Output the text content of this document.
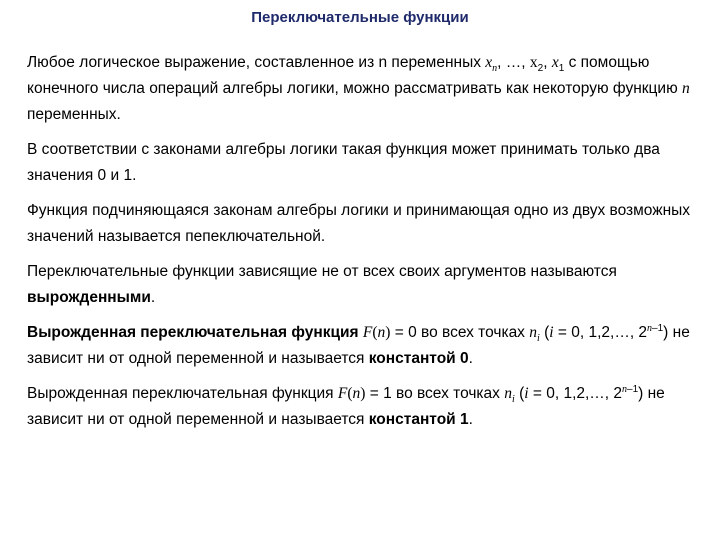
Переключательные функции

Любое логическое выражение, составленное из n переменных $x_n$, …, $x_2$, $x_1$ с помощью конечного числа операций алгебры логики, можно рассматривать как некоторую функцию n переменных.

В соответствии с законами алгебры логики такая функция может принимать только два значения 0 и 1.

Функция подчиняющаяся законам алгебры логики и принимающая одно из двух возможных значений называется пепеключательной.

Переключательные функции зависящие не от всех своих аргументов называются вырожденными.

Вырожденная переключательная функция F(n) = 0 во всех точках $n_i$ (i = 0, 1,2,…, 2$^{n-1}$) не зависит ни от одной переменной и называется константой 0.

Вырожденная переключательная функция F(n) = 1 во всех точках $n_i$ (i = 0, 1,2,…, 2$^{n-1}$) не зависит ни от одной переменной и называется константой 1.
